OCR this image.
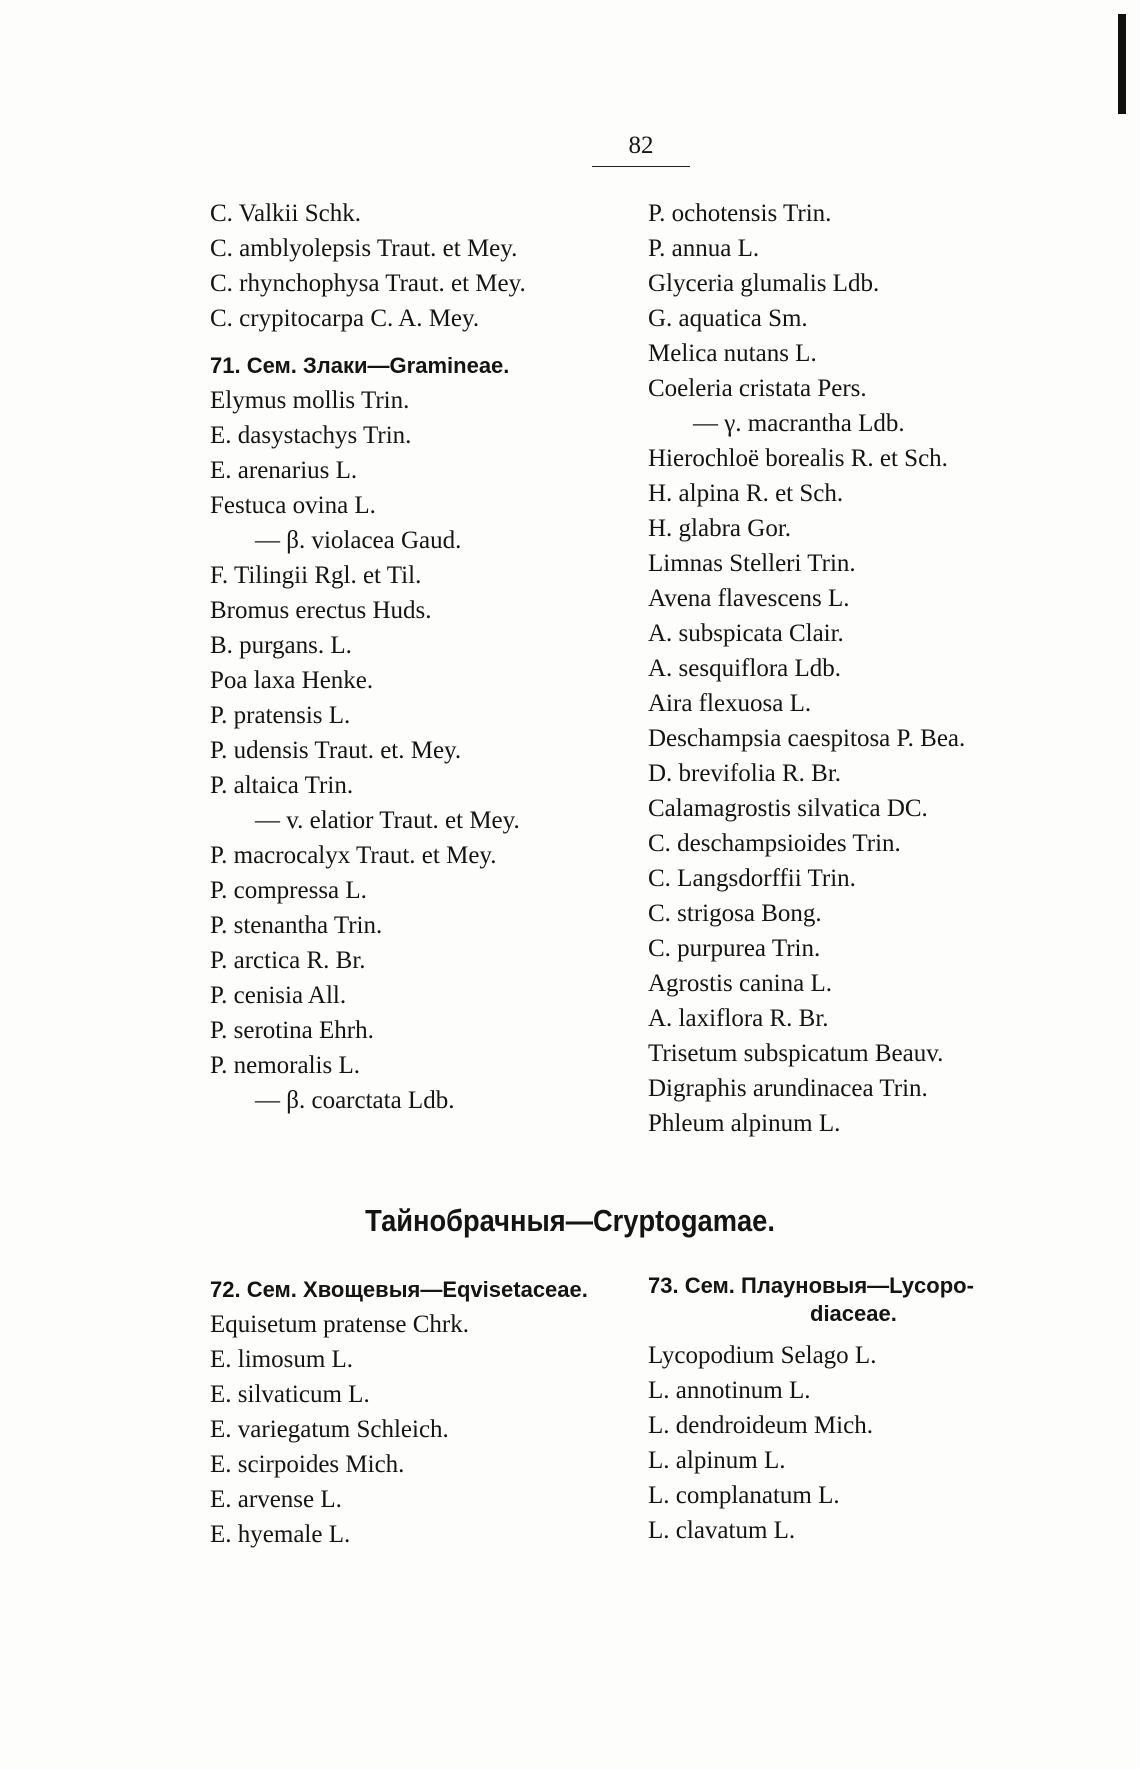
82
C. Valkii Schk.
C. amblyolepsis Traut. et Mey.
C. rhynchophysa Traut. et Mey.
C. crypitocarpa C. A. Mey.
71. Сем. Злаки—Gramineae.
Elymus mollis Trin.
E. dasystachys Trin.
E. arenarius L.
Festuca ovina L.
— β. violacea Gaud.
F. Tilingii Rgl. et Til.
Bromus erectus Huds.
B. purgans. L.
Poa laxa Henke.
P. pratensis L.
P. udensis Traut. et. Mey.
P. altaica Trin.
— v. elatior Traut. et Mey.
P. macrocalyx Traut. et Mey.
P. compressa L.
P. stenantha Trin.
P. arctica R. Br.
P. cenisia All.
P. serotina Ehrh.
P. nemoralis L.
— β. coarctata Ldb.
P. ochotensis Trin.
P. annua L.
Glyceria glumalis Ldb.
G. aquatica Sm.
Melica nutans L.
Coeleria cristata Pers.
— γ. macrantha Ldb.
Hierochloë borealis R. et Sch.
H. alpina R. et Sch.
H. glabra Gor.
Limnas Stelleri Trin.
Avena flavescens L.
A. subspicata Clair.
A. sesquiflora Ldb.
Aira flexuosa L.
Deschampsia caespitosa P. Bea.
D. brevifolia R. Br.
Calamagrostis silvatica DC.
C. deschampsioides Trin.
C. Langsdorffii Trin.
C. strigosa Bong.
C. purpurea Trin.
Agrostis canina L.
A. laxiflora R. Br.
Trisetum subspicatum Beauv.
Digraphis arundinacea Trin.
Phleum alpinum L.
Тайнобрачныя—Cryptogamae.
72. Сем. Хвощевыя—Eqvisetaceae.
Equisetum pratense Chrk.
E. limosum L.
E. silvaticum L.
E. variegatum Schleich.
E. scirpoides Mich.
E. arvense L.
E. hyemale L.
73. Сем. Плауновыя—Lycopo-
diaceae.
Lycopodium Selago L.
L. annotinum L.
L. dendroideum Mich.
L. alpinum L.
L. complanatum L.
L. clavatum L.
